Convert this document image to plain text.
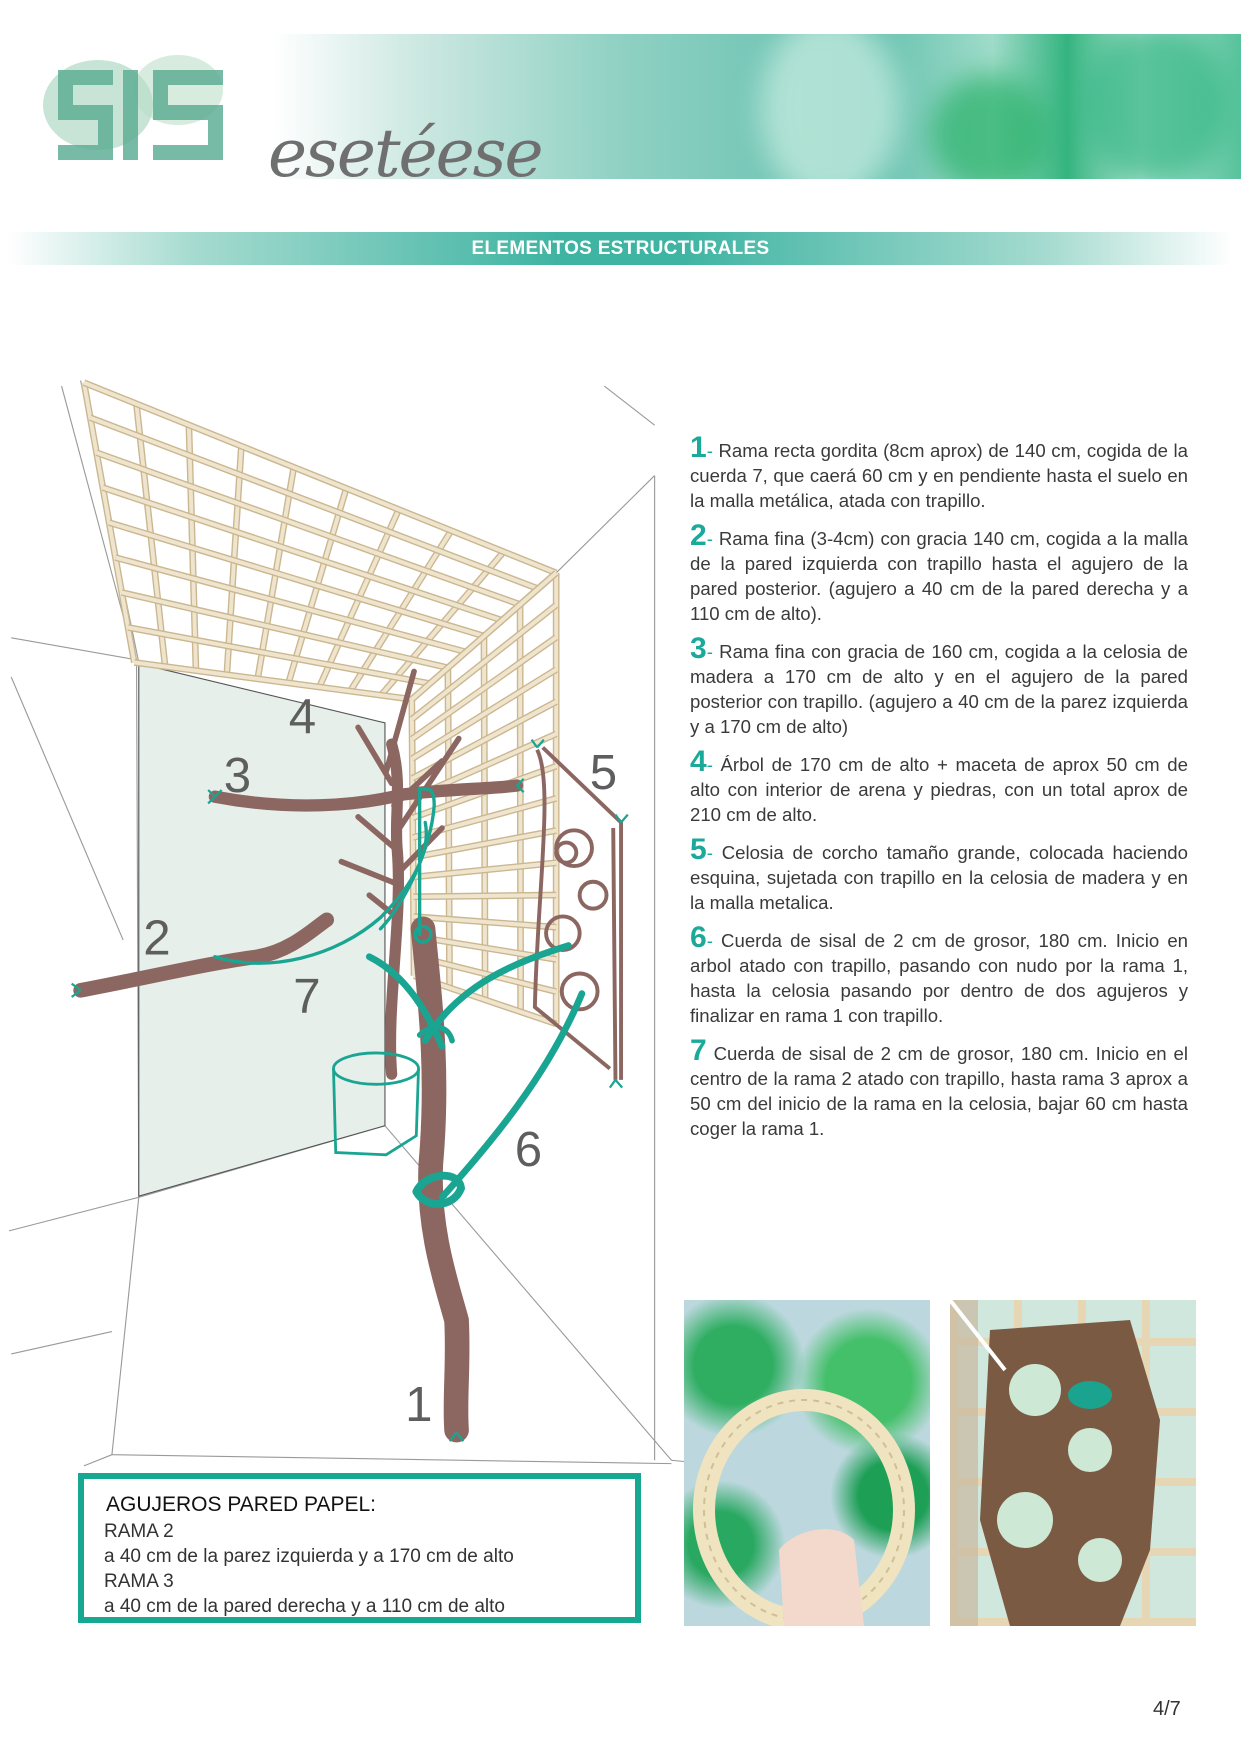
esetéese
ELEMENTOS ESTRUCTURALES
1
2
3
4
5
6
7

1- Rama recta gordita (8cm aprox) de 140 cm, cogida de la cuerda 7, que caerá 60 cm y en pendiente hasta el suelo en la malla metálica, atada con trapillo.

2- Rama fina (3-4cm) con gracia 140 cm, cogida a la malla de la pared izquierda con trapillo hasta el agujero de la pared posterior. (agujero a 40 cm de la pared derecha y a 110 cm de alto).

3- Rama fina con gracia de 160 cm, cogida a la celosia de madera a 170 cm de alto y en el agujero de la pared posterior con trapillo. (agujero a 40 cm de la parez izquierda y a 170 cm de alto)

4- Árbol de 170 cm de alto + maceta de aprox 50 cm de alto con interior de arena y piedras, con un total aprox de 210 cm de alto.

5- Celosia de corcho tamaño grande, colocada haciendo esquina, sujetada con trapillo en la celosia de madera y en la malla metalica.

6- Cuerda de sisal de 2 cm de grosor, 180 cm. Inicio en arbol atado con trapillo, pasando con nudo por la rama 1, hasta la celosia pasando por dentro de dos agujeros y finalizar en rama 1 con trapillo.

7 Cuerda de sisal de 2 cm de grosor, 180 cm. Inicio en el centro de la rama 2 atado con trapillo, hasta rama 3 aprox a 50 cm del inicio de la rama en la celosia, bajar 60 cm hasta coger la rama 1.

AGUJEROS PARED PAPEL:
RAMA 2
a 40 cm de la parez izquierda y a 170 cm de alto
RAMA 3
a 40 cm de la pared derecha y a 110 cm de alto
4/7
